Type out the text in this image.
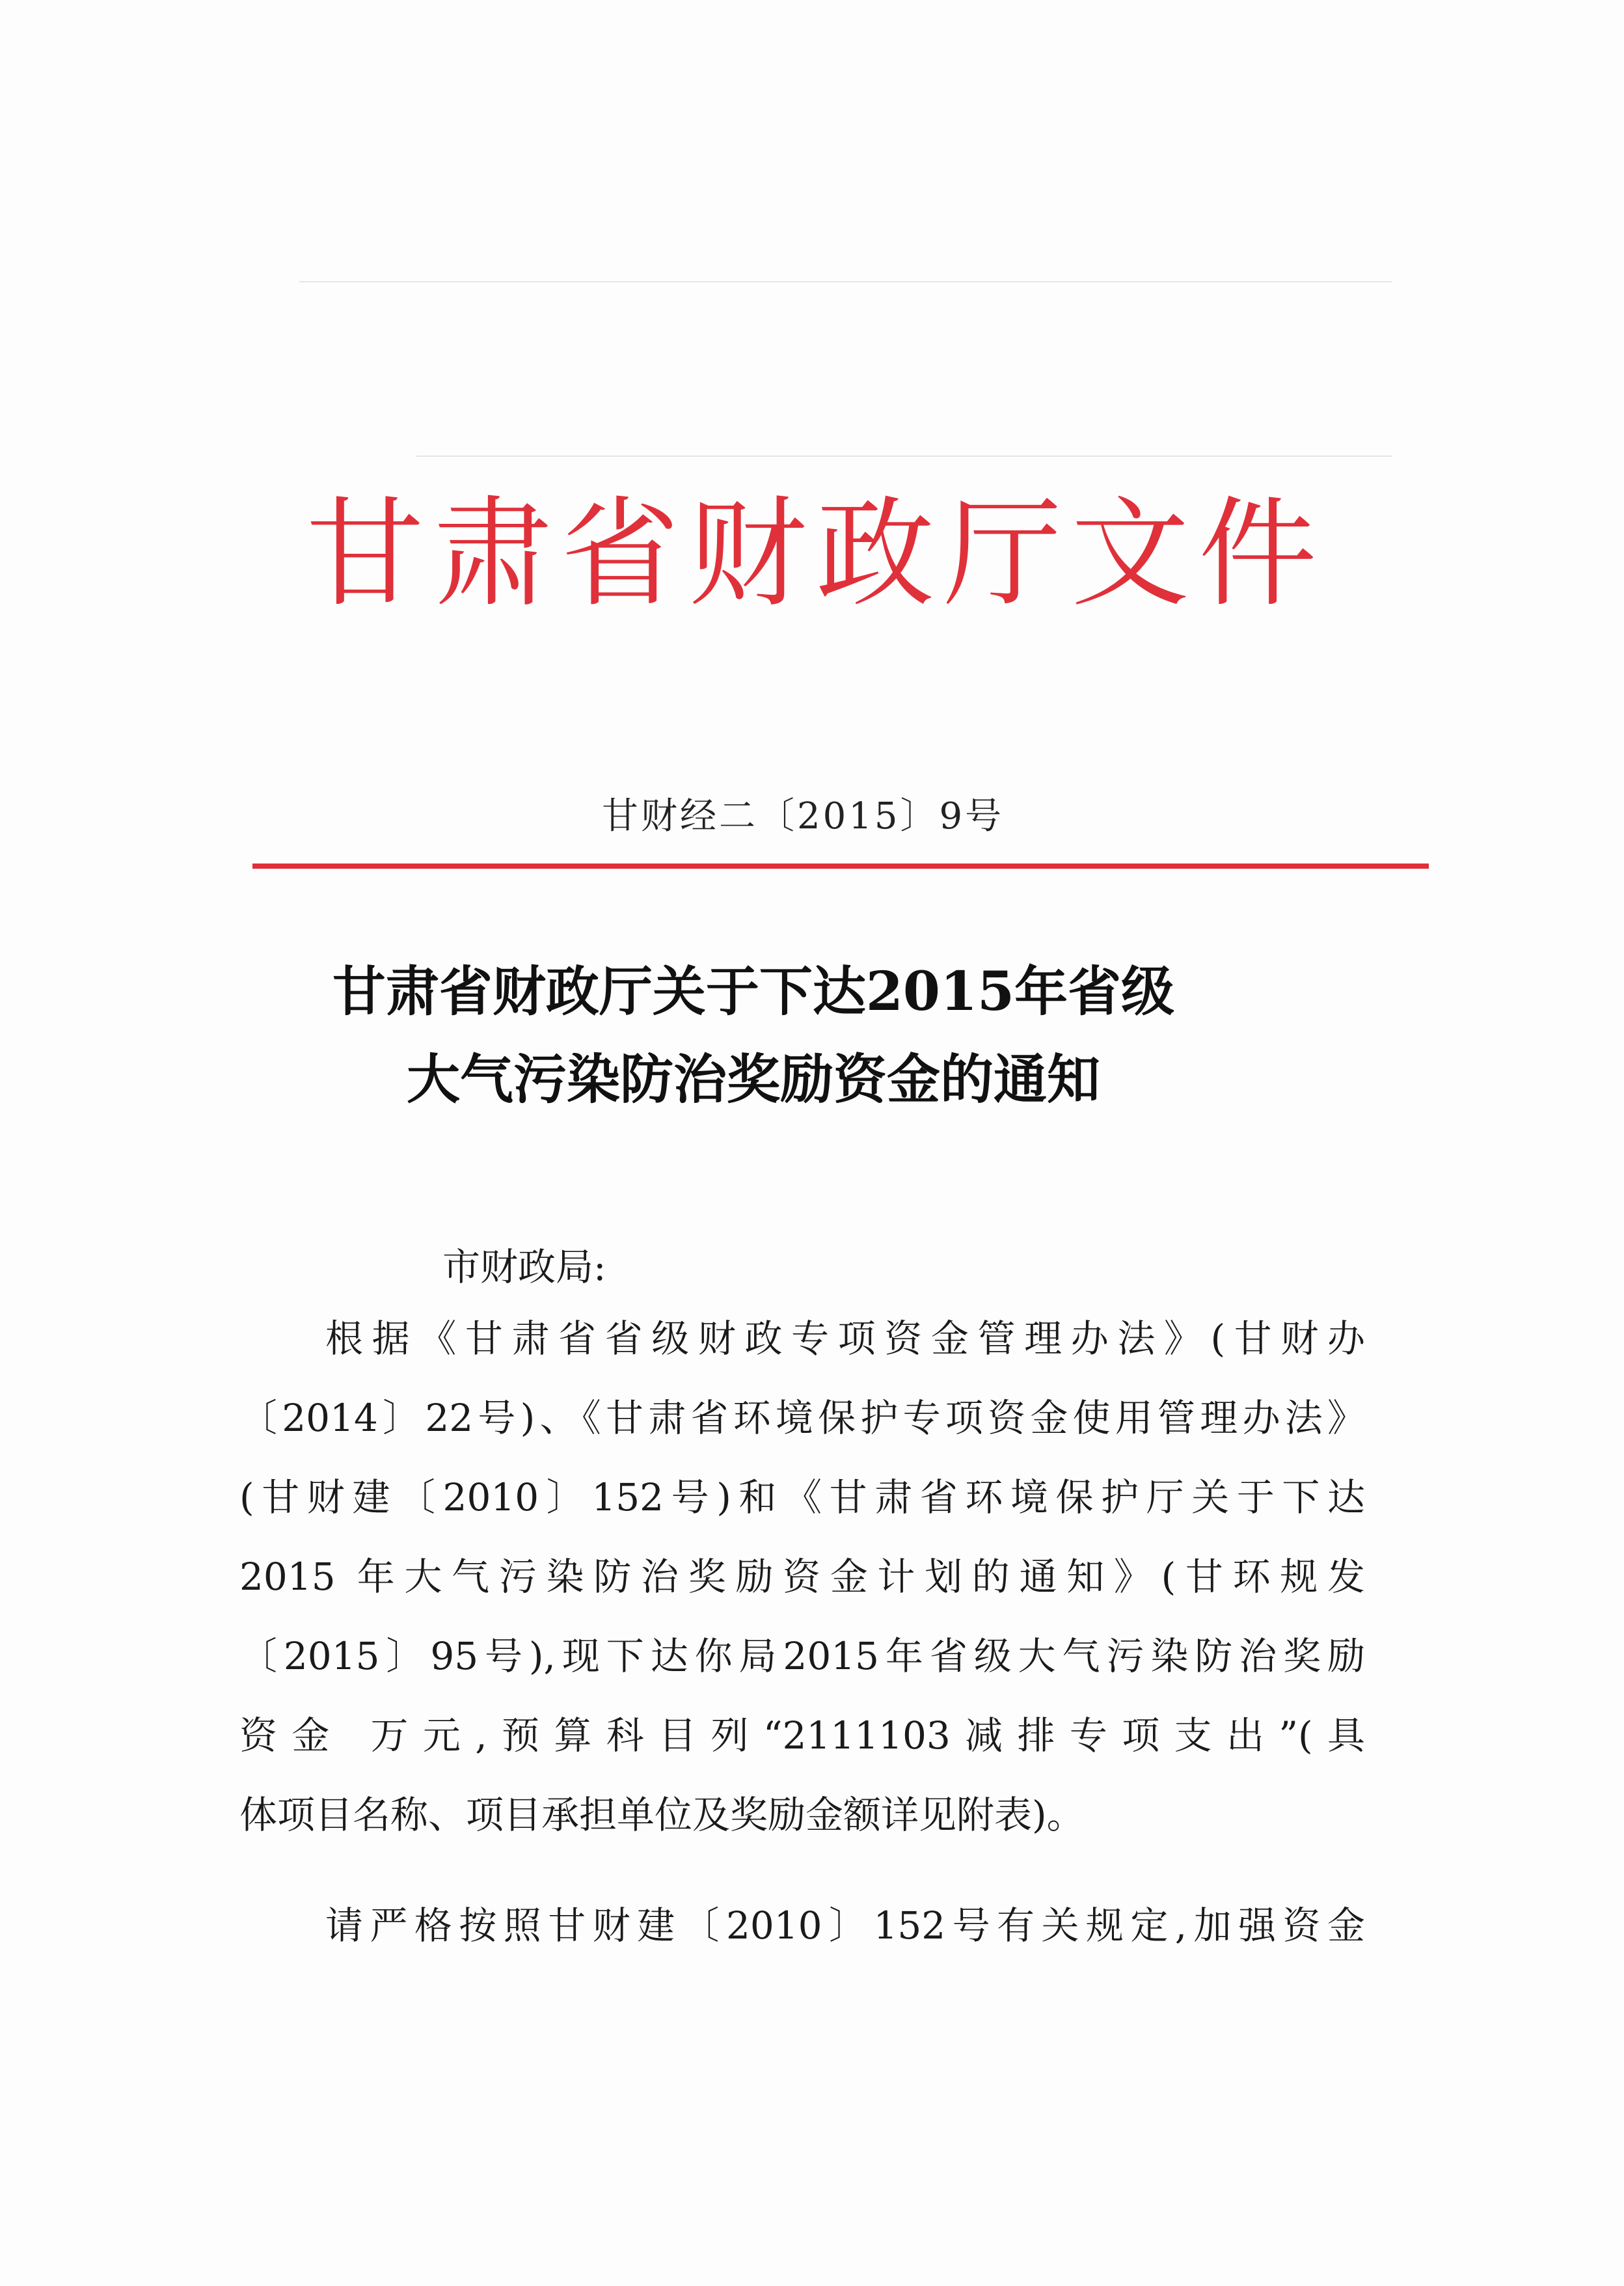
甘肃省财政厅文件
甘财经二〔2015〕9号
甘肃省财政厅关于下达2015年省级
大气污染防治奖励资金的通知
市财政局:
根据《甘肃省省级财政专项资金管理办法》(甘财办
〔2014〕22号)、《甘肃省环境保护专项资金使用管理办法》
(甘财建〔2010〕152号)和《甘肃省环境保护厅关于下达
2015 年大气污染防治奖励资金计划的通知》(甘环规发
〔2015〕95号),现下达你局2015年省级大气污染防治奖励
资金 万元,预算科目列“2111103减排专项支出”(具
体项目名称、项目承担单位及奖励金额详见附表)。
请严格按照甘财建〔2010〕152号有关规定,加强资金
